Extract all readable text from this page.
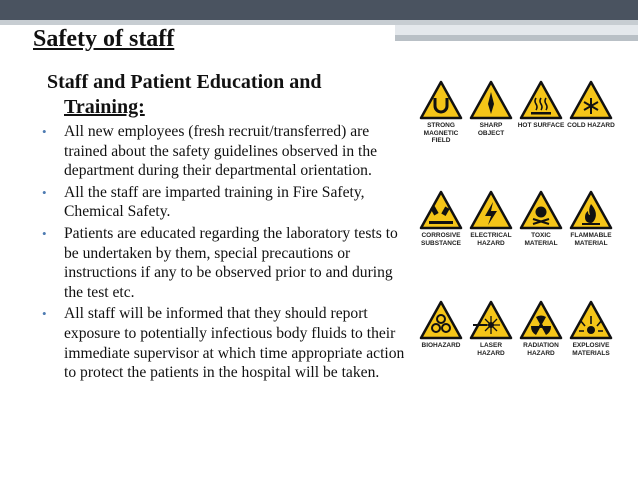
Safety of staff
Staff and Patient Education and
Training:
• All new employees (fresh recruit/transferred) are trained about the safety guidelines observed in the department during their departmental orientation.
• All the staff are imparted training in Fire Safety, Chemical Safety.
• Patients are educated regarding the laboratory tests to be undertaken by them, special precautions or instructions if any to be observed prior to and during the test etc.
• All staff will be informed that they should report exposure to potentially infectious body fluids to their immediate supervisor at which time appropriate action to protect the patients in the hospital will be taken.
STRONG
MAGNETIC
FIELD
SHARP OBJECT
HOT SURFACE COLD HAZARD
CORROSIVE
SUBSTANCE
ELECTRICAL
HAZARD
TOXIC
MATERIAL
FLAMMABLE
MATERIAL
BIOHAZARD	LASER
HAZARD
RADIATION
HAZARD
EXPLOSIVE
MATERIALS
